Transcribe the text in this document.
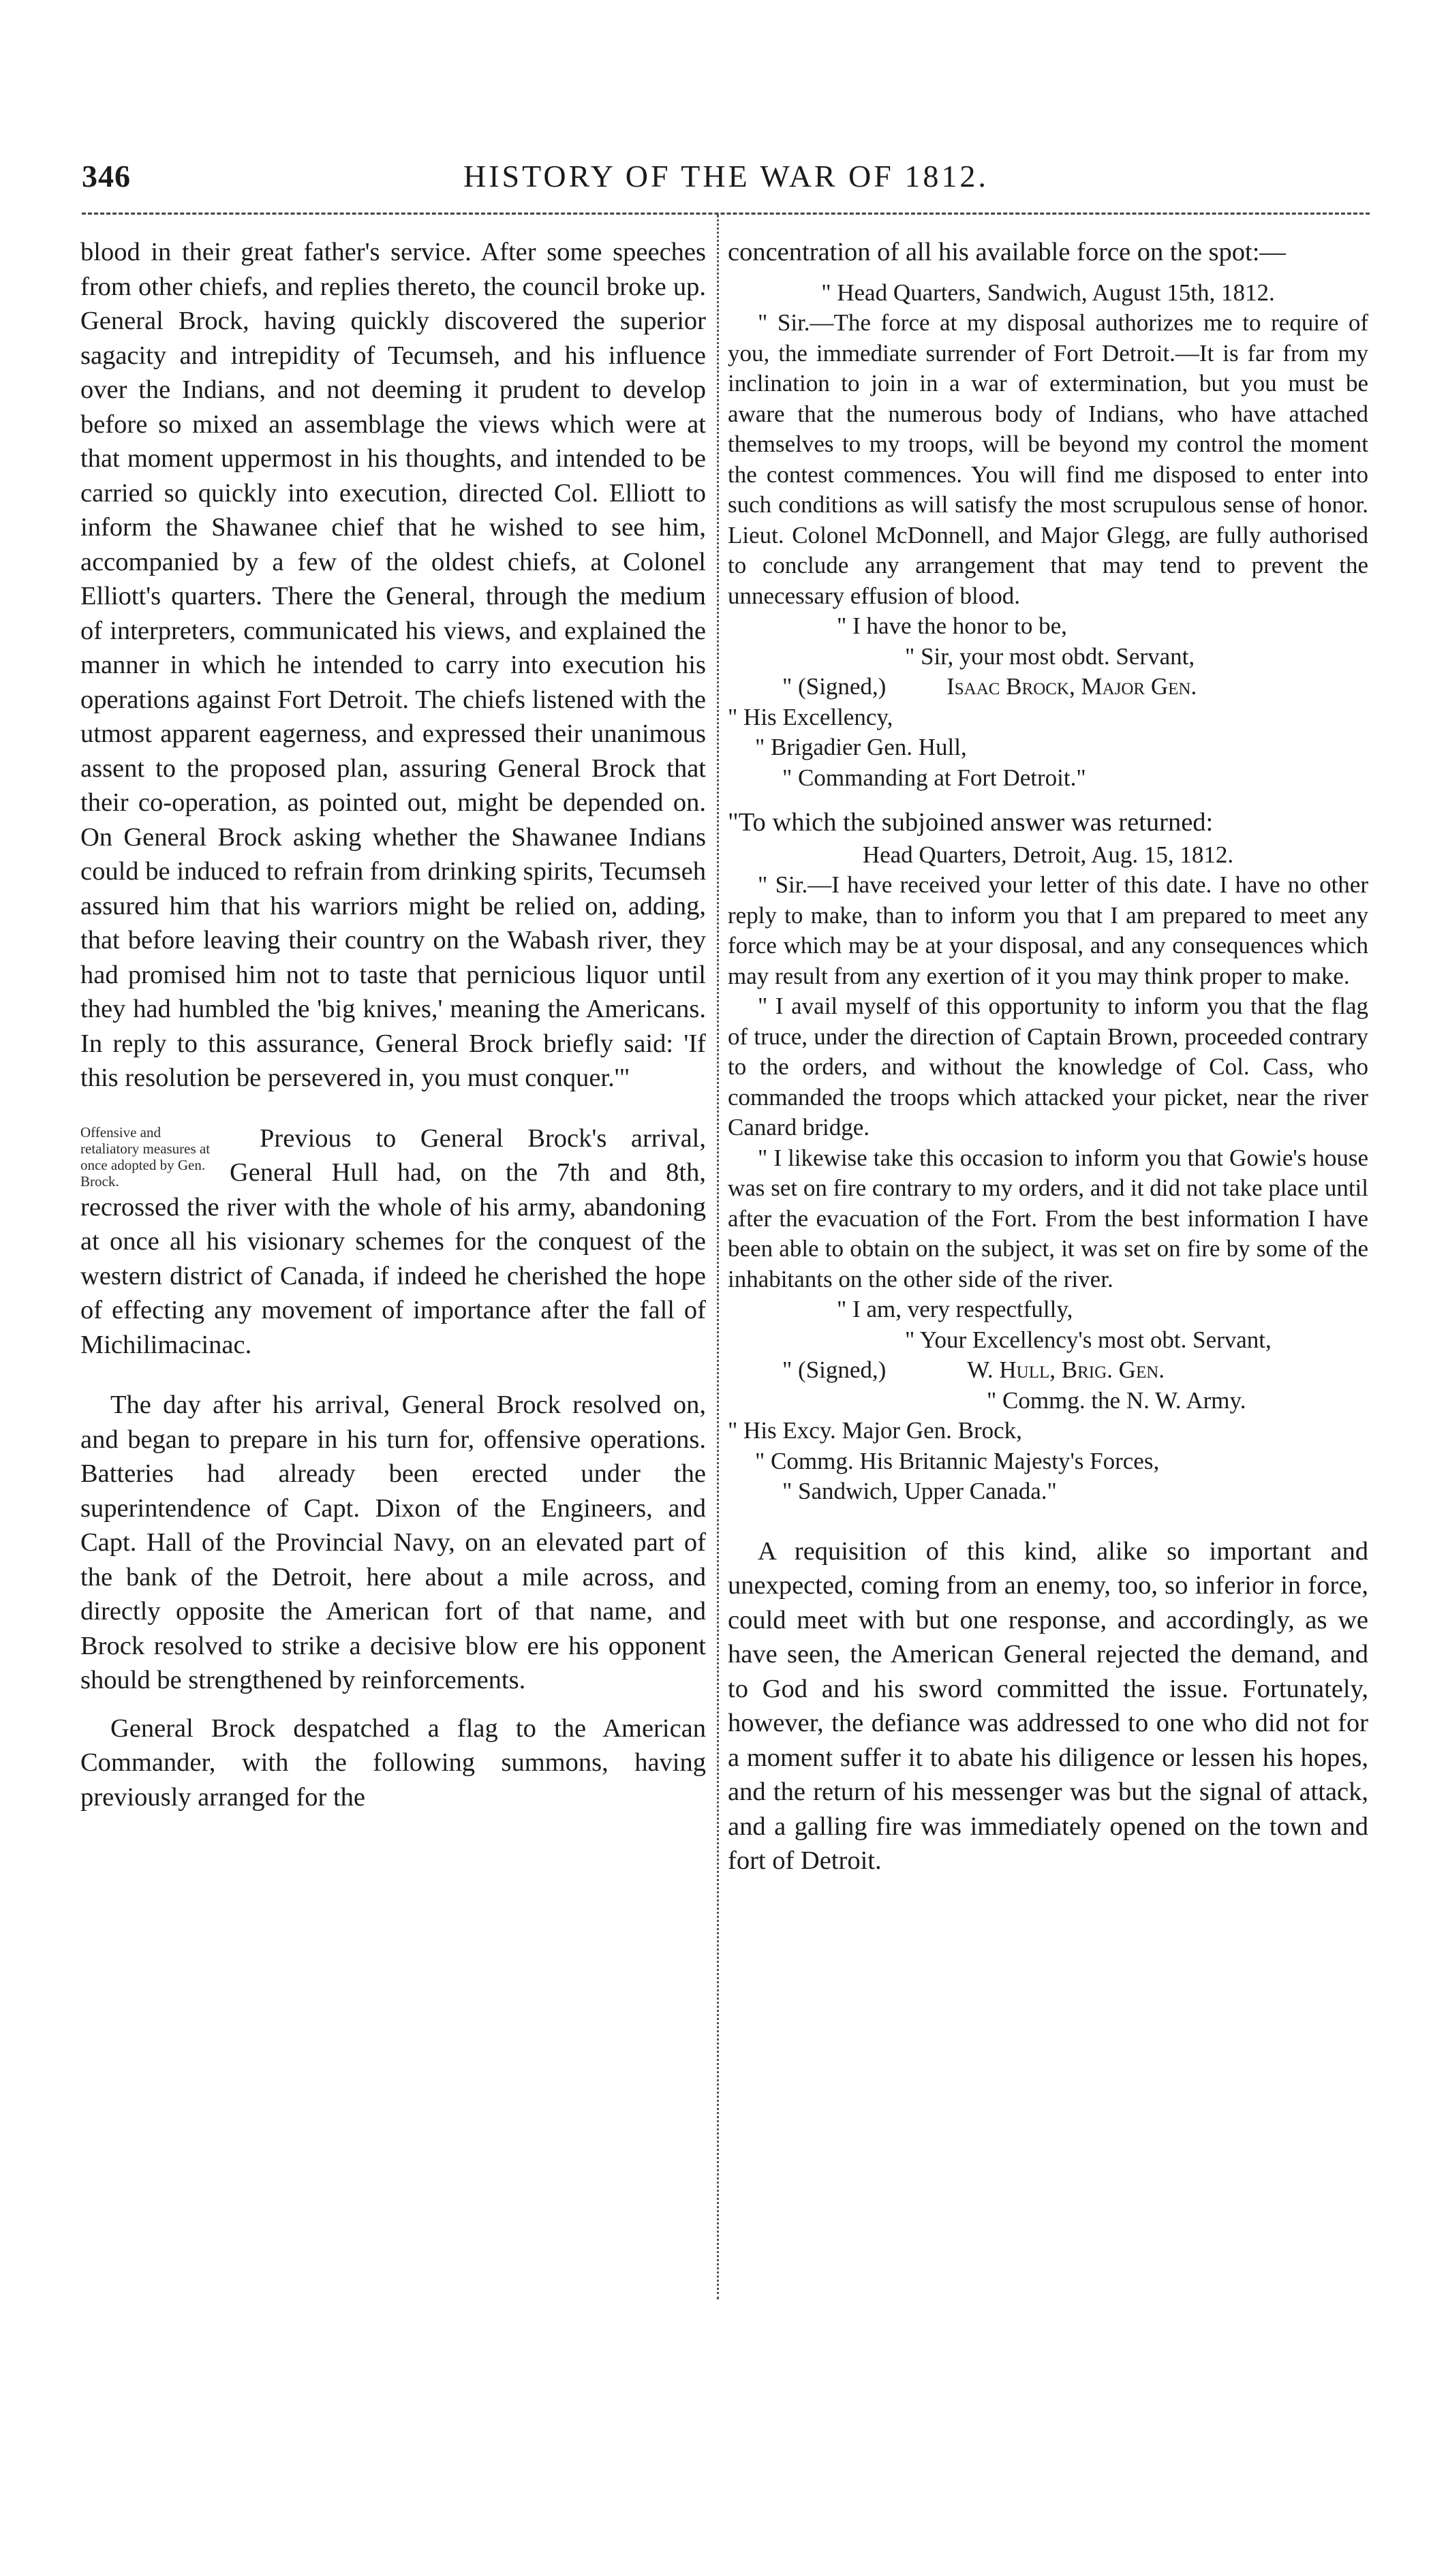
346	HISTORY OF THE WAR OF 1812.

blood in their great father's service. After some speeches from other chiefs, and replies thereto, the council broke up. General Brock, having quickly discovered the superior sagacity and intrepidity of Tecumseh, and his influence over the Indians, and not deeming it prudent to develop before so mixed an assemblage the views which were at that moment uppermost in his thoughts, and intended to be carried so quickly into execution, directed Col. Elliott to inform the Shawanee chief that he wished to see him, accompanied by a few of the oldest chiefs, at Colonel Elliott's quarters. There the General, through the medium of interpreters, communicated his views, and explained the manner in which he intended to carry into execution his operations against Fort Detroit. The chiefs listened with the utmost apparent eagerness, and expressed their unanimous assent to the proposed plan, assuring General Brock that their co-operation, as pointed out, might be depended on. On General Brock asking whether the Shawanee Indians could be induced to refrain from drinking spirits, Tecumseh assured him that his warriors might be relied on, adding, that before leaving their country on the Wabash river, they had promised him not to taste that pernicious liquor until they had humbled the 'big knives,' meaning the Americans. In reply to this assurance, General Brock briefly said: 'If this resolution be persevered in, you must conquer.'"

Offensive and retaliatory measures at once adopted by Gen. Brock.

Previous to General Brock's arrival, General Hull had, on the 7th and 8th, recrossed the river with the whole of his army, abandoning at once all his visionary schemes for the conquest of the western district of Canada, if indeed he cherished the hope of effecting any movement of importance after the fall of Michilimacinac.

The day after his arrival, General Brock resolved on, and began to prepare in his turn for, offensive operations. Batteries had already been erected under the superintendence of Capt. Dixon of the Engineers, and Capt. Hall of the Provincial Navy, on an elevated part of the bank of the Detroit, here about a mile across, and directly opposite the American fort of that name, and Brock resolved to strike a decisive blow ere his opponent should be strengthened by reinforcements.

General Brock despatched a flag to the American Commander, with the following summons, having previously arranged for the

concentration of all his available force on the spot:—

" Head Quarters, Sandwich, August 15th, 1812.

" Sir.—The force at my disposal authorizes me to require of you, the immediate surrender of Fort Detroit.—It is far from my inclination to join in a war of extermination, but you must be aware that the numerous body of Indians, who have attached themselves to my troops, will be beyond my control the moment the contest commences. You will find me disposed to enter into such conditions as will satisfy the most scrupulous sense of honor. Lieut. Colonel McDonnell, and Major Glegg, are fully authorised to conclude any arrangement that may tend to prevent the unnecessary effusion of blood.

" I have the honor to be,

" Sir, your most obdt. Servant,

" (Signed,)	Isaac Brock, Major Gen.

" His Excellency,

" Brigadier Gen. Hull,

" Commanding at Fort Detroit."

"To which the subjoined answer was returned:

Head Quarters, Detroit, Aug. 15, 1812.

" Sir.—I have received your letter of this date. I have no other reply to make, than to inform you that I am prepared to meet any force which may be at your disposal, and any consequences which may result from any exertion of it you may think proper to make.

" I avail myself of this opportunity to inform you that the flag of truce, under the direction of Captain Brown, proceeded contrary to the orders, and without the knowledge of Col. Cass, who commanded the troops which attacked your picket, near the river Canard bridge.

" I likewise take this occasion to inform you that Gowie's house was set on fire contrary to my orders, and it did not take place until after the evacuation of the Fort. From the best information I have been able to obtain on the subject, it was set on fire by some of the inhabitants on the other side of the river.

" I am, very respectfully,

" Your Excellency's most obt. Servant,

" (Signed,)	W. Hull, Brig. Gen.

" Commg. the N. W. Army.

" His Excy. Major Gen. Brock,

" Commg. His Britannic Majesty's Forces,

" Sandwich, Upper Canada."

A requisition of this kind, alike so important and unexpected, coming from an enemy, too, so inferior in force, could meet with but one response, and accordingly, as we have seen, the American General rejected the demand, and to God and his sword committed the issue. Fortunately, however, the defiance was addressed to one who did not for a moment suffer it to abate his diligence or lessen his hopes, and the return of his messenger was but the signal of attack, and a galling fire was immediately opened on the town and fort of Detroit.
